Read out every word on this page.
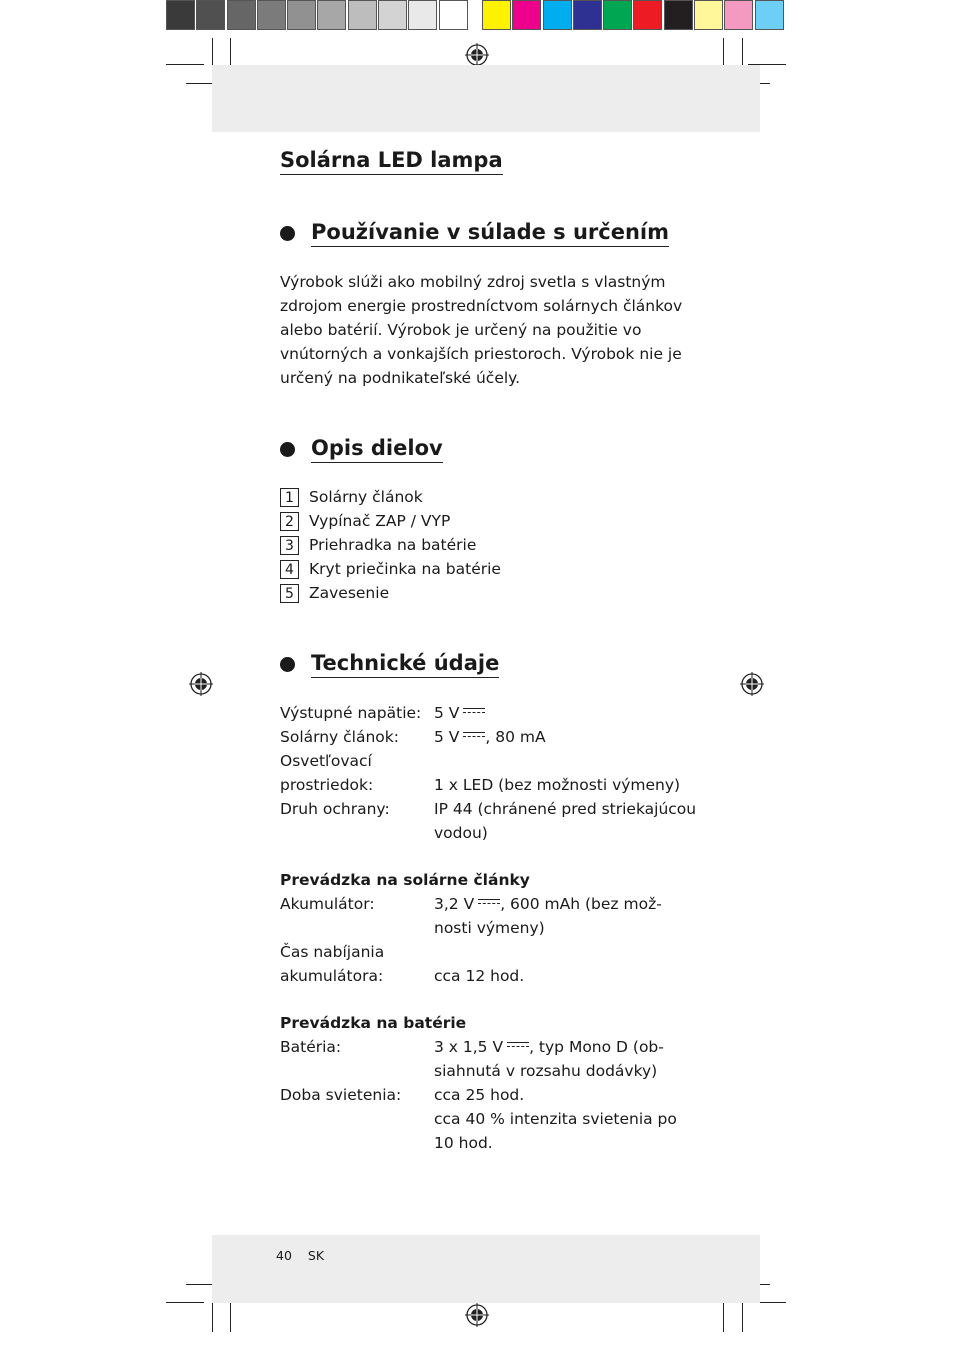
Solárna LED lampa
Používanie v súlade s určením
Výrobok slúži ako mobilný zdroj svetla s vlastným
zdrojom energie prostredníctvom solárnych článkov
alebo batérií. Výrobok je určený na použitie vo
vnútorných a vonkajších priestoroch. Výrobok nie je
určený na podnikateľské účely.
Opis dielov
1 Solárny článok
2 Vypínač ZAP / VYP
3 Priehradka na batérie
4 Kryt priečinka na batérie
5 Zavesenie
Technické údaje
Výstupné napätie: 5 V
Solárny článok:	5 V , 80 mA
Osvetľovací
prostriedok:
	1 x LED (bez možnosti výmeny)
Druh ochrany:	IP 44 (chránené pred striekajúcou
vodou)
Prevádzka na solárne články
Akumulátor:	3,2 V , 600 mAh (bez mož-
nosti výmeny)
Čas nabíjania
akumulátora:
	cca 12 hod.
Prevádzka na batérie
Batéria:	3 x 1,5 V , typ Mono D (ob-
siahnutá v rozsahu dodávky)
Doba svietenia:	cca 25 hod.
cca 40 % intenzita svietenia po
10 hod.
40 SK
